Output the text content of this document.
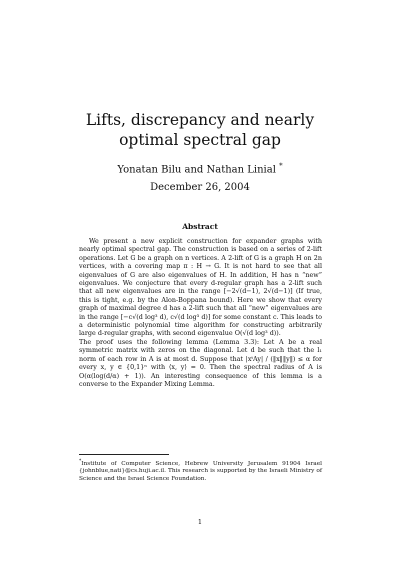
Lifts, discrepancy and nearly optimal spectral gap
Yonatan Bilu and Nathan Linial *
December 26, 2004
Abstract

We present a new explicit construction for expander graphs with nearly optimal spectral gap. The construction is based on a series of 2-lift operations. Let G be a graph on n vertices. A 2-lift of G is a graph H on 2n vertices, with a covering map π : H → G. It is not hard to see that all eigenvalues of G are also eigenvalues of H. In addition, H has n “new” eigenvalues. We conjecture that every d-regular graph has a 2-lift such that all new eigenvalues are in the range [−2√(d−1), 2√(d−1)] (If true, this is tight, e.g. by the Alon-Boppana bound). Here we show that every graph of maximal degree d has a 2-lift such that all “new” eigenvalues are in the range [−c√(d log³ d), c√(d log³ d)] for some constant c. This leads to a deterministic polynomial time algorithm for constructing arbitrarily large d-regular graphs, with second eigenvalue O(√(d log³ d)).

The proof uses the following lemma (Lemma 3.3): Let A be a real symmetric matrix with zeros on the diagonal. Let d be such that the l₁ norm of each row in A is at most d. Suppose that |xᵗAy| / (‖x‖‖y‖) ≤ α for every x, y ∈ {0,1}ⁿ with ⟨x, y⟩ = 0. Then the spectral radius of A is O(α(log(d/α) + 1)). An interesting consequence of this lemma is a converse to the Expander Mixing Lemma.

*Institute of Computer Science, Hebrew University Jerusalem 91904 Israel {johnblue,nati}@cs.huji.ac.il. This research is supported by the Israeli Ministry of Science and the Israel Science Foundation.
1
